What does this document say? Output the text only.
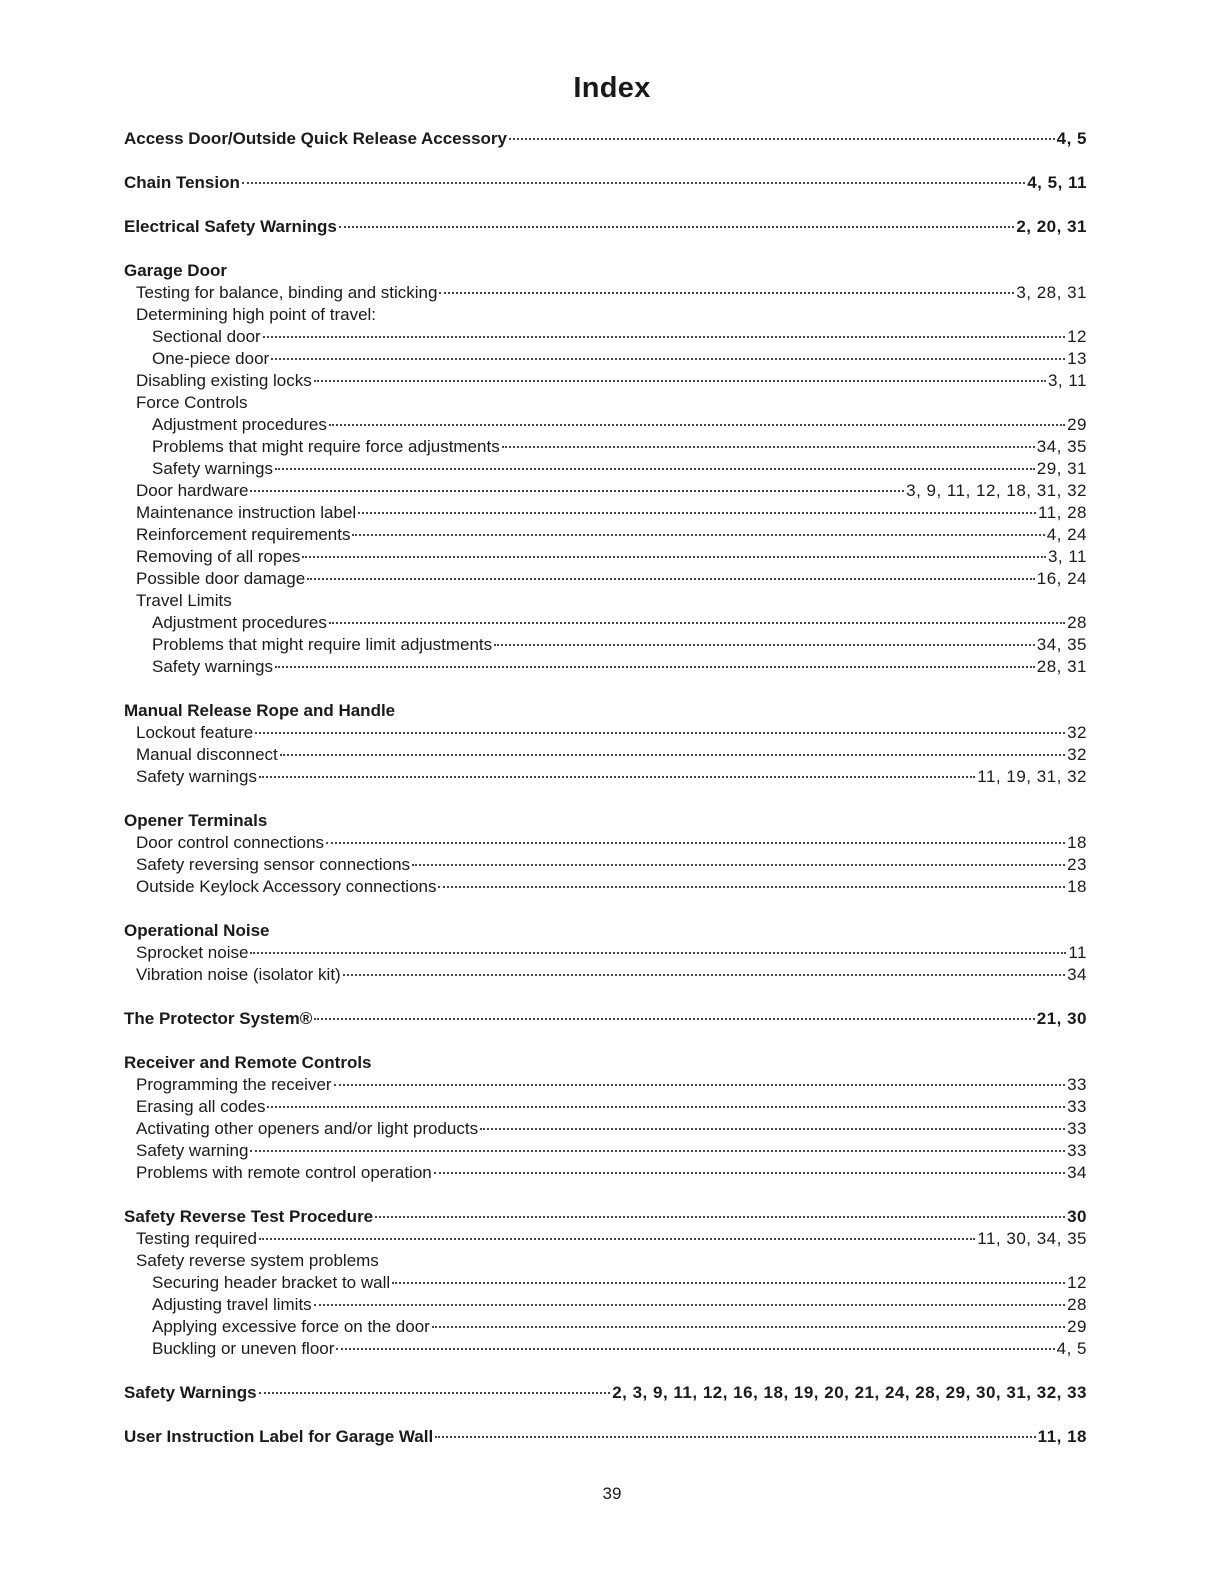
Index
Access Door/Outside Quick Release Accessory	4, 5
Chain Tension	4, 5, 11
Electrical Safety Warnings	2, 20, 31
Garage Door
Testing for balance, binding and sticking	3, 28, 31
Determining high point of travel:
Sectional door	12
One-piece door	13
Disabling existing locks	3, 11
Force Controls
Adjustment procedures	29
Problems that might require force adjustments	34, 35
Safety warnings	29, 31
Door hardware	3, 9, 11, 12, 18, 31, 32
Maintenance instruction label	11, 28
Reinforcement requirements	4, 24
Removing of all ropes	3, 11
Possible door damage	16, 24
Travel Limits
Adjustment procedures	28
Problems that might require limit adjustments	34, 35
Safety warnings	28, 31
Manual Release Rope and Handle
Lockout feature	32
Manual disconnect	32
Safety warnings	11, 19, 31, 32
Opener Terminals
Door control connections	18
Safety reversing sensor connections	23
Outside Keylock Accessory connections	18
Operational Noise
Sprocket noise	11
Vibration noise (isolator kit)	34
The Protector System®	21, 30
Receiver and Remote Controls
Programming the receiver	33
Erasing all codes	33
Activating other openers and/or light products	33
Safety warning	33
Problems with remote control operation	34
Safety Reverse Test Procedure	30
Testing required	11, 30, 34, 35
Safety reverse system problems
Securing header bracket to wall	12
Adjusting travel limits	28
Applying excessive force on the door	29
Buckling or uneven floor	4, 5
Safety Warnings	2, 3, 9, 11, 12, 16, 18, 19, 20, 21, 24, 28, 29, 30, 31, 32, 33
User Instruction Label for Garage Wall	11, 18
39
